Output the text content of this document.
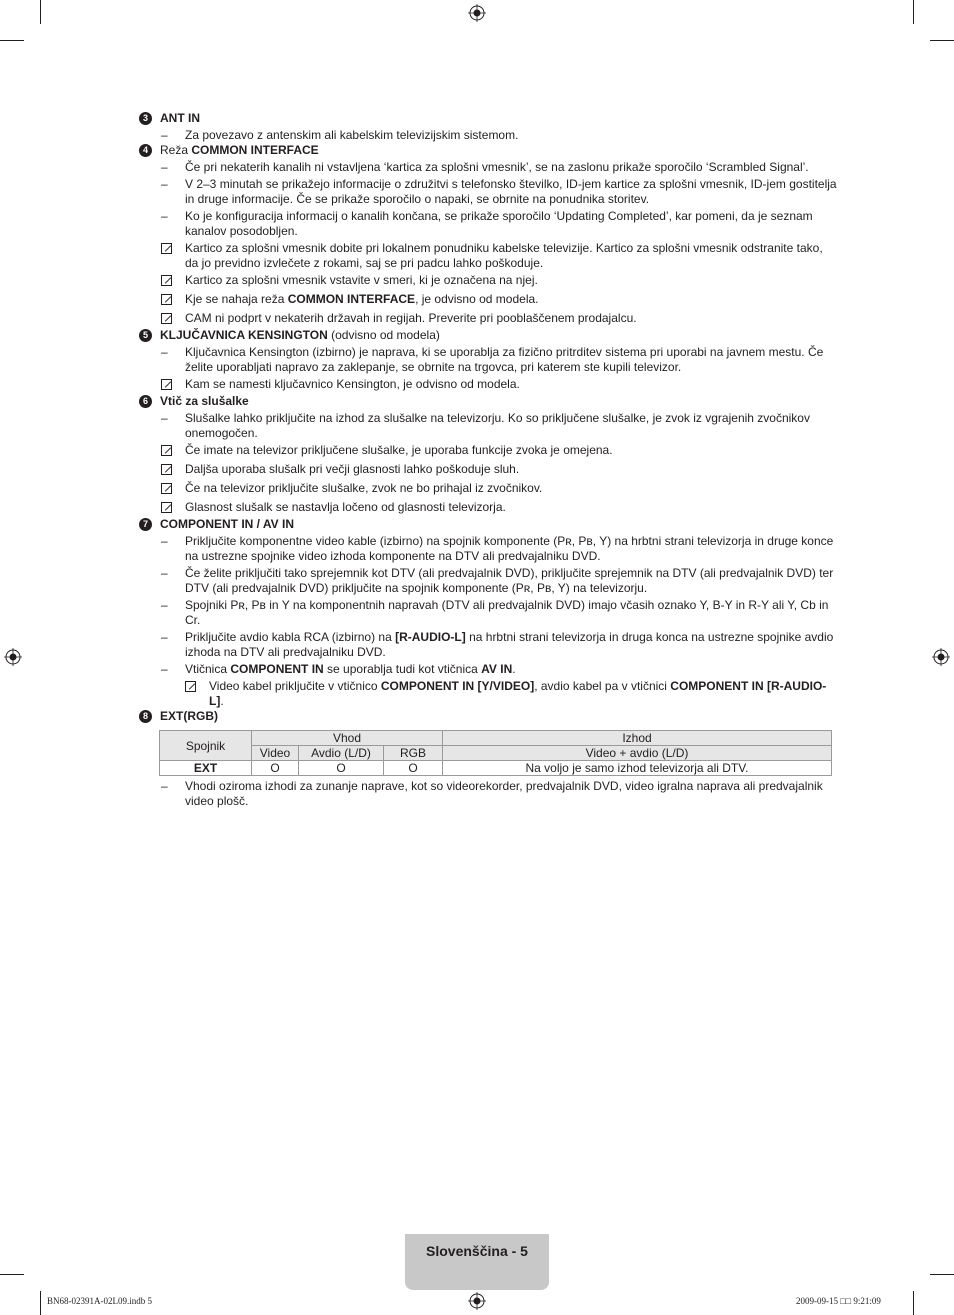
3	ANT IN
–	Za povezavo z antenskim ali kabelskim televizijskim sistemom.
4	Reža COMMON INTERFACE
–	Če pri nekaterih kanalih ni vstavljena ‘kartica za splošni vmesnik’, se na zaslonu prikaže sporočilo ‘Scrambled Signal’.
–	V 2–3 minutah se prikažejo informacije o združitvi s telefonsko številko, ID-jem kartice za splošni vmesnik, ID-jem gostitelja in druge informacije. Če se prikaže sporočilo o napaki, se obrnite na ponudnika storitev.
–	Ko je konfiguracija informacij o kanalih končana, se prikaže sporočilo ‘Updating Completed’, kar pomeni, da je seznam kanalov posodobljen.
Kartico za splošni vmesnik dobite pri lokalnem ponudniku kabelske televizije. Kartico za splošni vmesnik odstranite tako, da jo previdno izvlečete z rokami, saj se pri padcu lahko poškoduje.
Kartico za splošni vmesnik vstavite v smeri, ki je označena na njej.
Kje se nahaja reža COMMON INTERFACE, je odvisno od modela.
CAM ni podprt v nekaterih državah in regijah. Preverite pri pooblaščenem prodajalcu.
5	KLJUČAVNICA KENSINGTON (odvisno od modela)
–	Ključavnica Kensington (izbirno) je naprava, ki se uporablja za fizično pritrditev sistema pri uporabi na javnem mestu. Če želite uporabljati napravo za zaklepanje, se obrnite na trgovca, pri katerem ste kupili televizor.
Kam se namesti ključavnico Kensington, je odvisno od modela.
6	Vtič za slušalke
–	Slušalke lahko priključite na izhod za slušalke na televizorju. Ko so priključene slušalke, je zvok iz vgrajenih zvočnikov onemogočen.
Če imate na televizor priključene slušalke, je uporaba funkcije zvoka je omejena.
Daljša uporaba slušalk pri večji glasnosti lahko poškoduje sluh.
Če na televizor priključite slušalke, zvok ne bo prihajal iz zvočnikov.
Glasnost slušalk se nastavlja ločeno od glasnosti televizorja.
7	COMPONENT IN / AV IN
–	Priključite komponentne video kable (izbirno) na spojnik komponente (Pʀ, Pʙ, Y) na hrbtni strani televizorja in druge konce na ustrezne spojnike video izhoda komponente na DTV ali predvajalniku DVD.
–	Če želite priključiti tako sprejemnik kot DTV (ali predvajalnik DVD), priključite sprejemnik na DTV (ali predvajalnik DVD) ter DTV (ali predvajalnik DVD) priključite na spojnik komponente (Pʀ, Pʙ, Y) na televizorju.
–	Spojniki Pʀ, Pʙ in Y na komponentnih napravah (DTV ali predvajalnik DVD) imajo včasih oznako Y, B-Y in R-Y ali Y, Cb in Cr.
–	Priključite avdio kabla RCA (izbirno) na [R-AUDIO-L] na hrbtni strani televizorja in druga konca na ustrezne spojnike avdio izhoda na DTV ali predvajalniku DVD.
–	Vtičnica COMPONENT IN se uporablja tudi kot vtičnica AV IN.
Video kabel priključite v vtičnico COMPONENT IN [Y/VIDEO], avdio kabel pa v vtičnici COMPONENT IN [R-AUDIO-L].
8	EXT(RGB)
Spojnik	Vhod			Izhod
	Video	Avdio (L/D)	RGB	Video + avdio (L/D)
EXT	O	O	O	Na voljo je samo izhod televizorja ali DTV.
–	Vhodi oziroma izhodi za zunanje naprave, kot so videorekorder, predvajalnik DVD, video igralna naprava ali predvajalnik video plošč.
Slovenščina - 5
BN68-02391A-02L09.indb 5	2009-09-15 □□ 9:21:09
